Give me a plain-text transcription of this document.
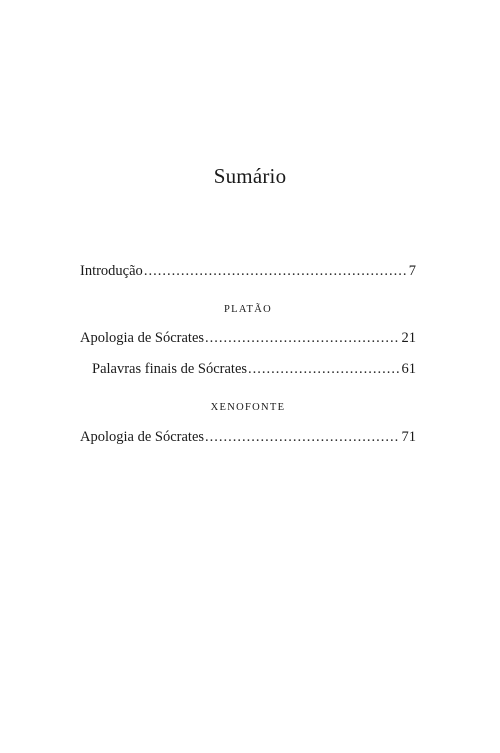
Sumário
Introdução .....	7
PLATÃO
Apologia de Sócrates .....	21
Palavras finais de Sócrates .....	61
XENOFONTE
Apologia de Sócrates .....	71
